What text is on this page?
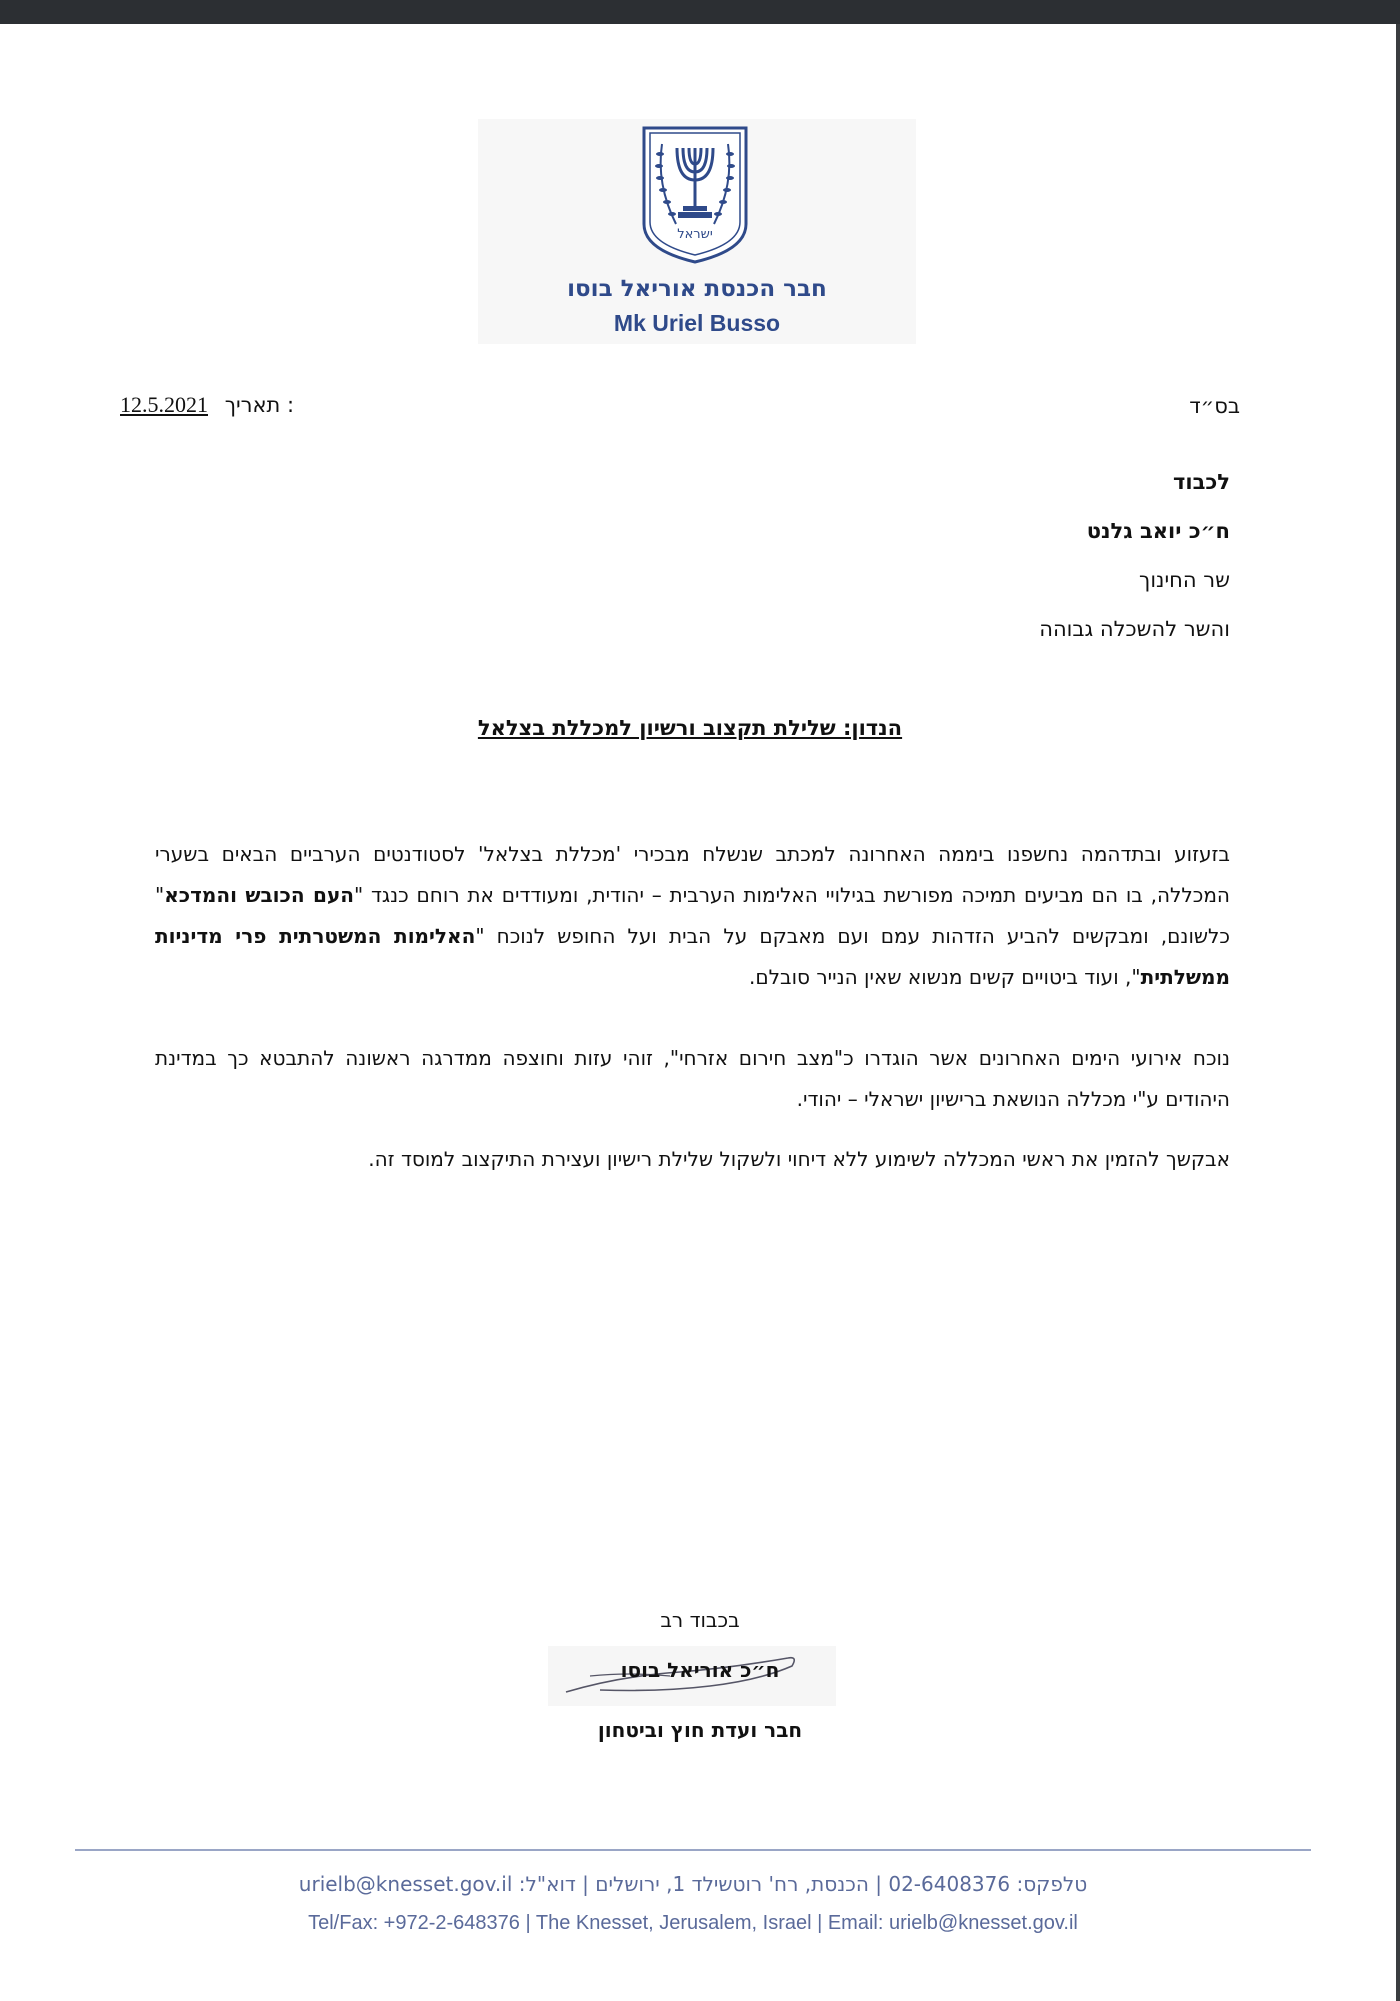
ישראל
חבר הכנסת אוריאל בוסו
Mk Uriel Busso
בס״ד
12.5.2021 תאריך :
לכבוד
ח״כ יואב גלנט
שר החינוך
והשר להשכלה גבוהה
הנדון: שלילת תקצוב ורשיון למכללת בצלאל
בזעזוע ובתדהמה נחשפנו ביממה האחרונה למכתב שנשלח מבכירי 'מכללת בצלאל' לסטודנטים הערביים הבאים בשערי המכללה, בו הם מביעים תמיכה מפורשת בגילויי האלימות הערבית – יהודית, ומעודדים את רוחם כנגד "העם הכובש והמדכא" כלשונם, ומבקשים להביע הזדהות עמם ועם מאבקם על הבית ועל החופש לנוכח "האלימות המשטרתית פרי מדיניות ממשלתית", ועוד ביטויים קשים מנשוא שאין הנייר סובלם.
נוכח אירועי הימים האחרונים אשר הוגדרו כ"מצב חירום אזרחי", זוהי עזות וחוצפה ממדרגה ראשונה להתבטא כך במדינת היהודים ע"י מכללה הנושאת ברישיון ישראלי – יהודי.
אבקשך להזמין את ראשי המכללה לשימוע ללא דיחוי ולשקול שלילת רישיון ועצירת התיקצוב למוסד זה.
בכבוד רב
ח״כ אוריאל בוסו
חבר ועדת חוץ וביטחון
טלפקס: 02-6408376 | הכנסת, רח' רוטשילד 1, ירושלים | דוא"ל: urielb@knesset.gov.il
Tel/Fax: +972-2-648376 | The Knesset, Jerusalem, Israel | Email: urielb@knesset.gov.il
